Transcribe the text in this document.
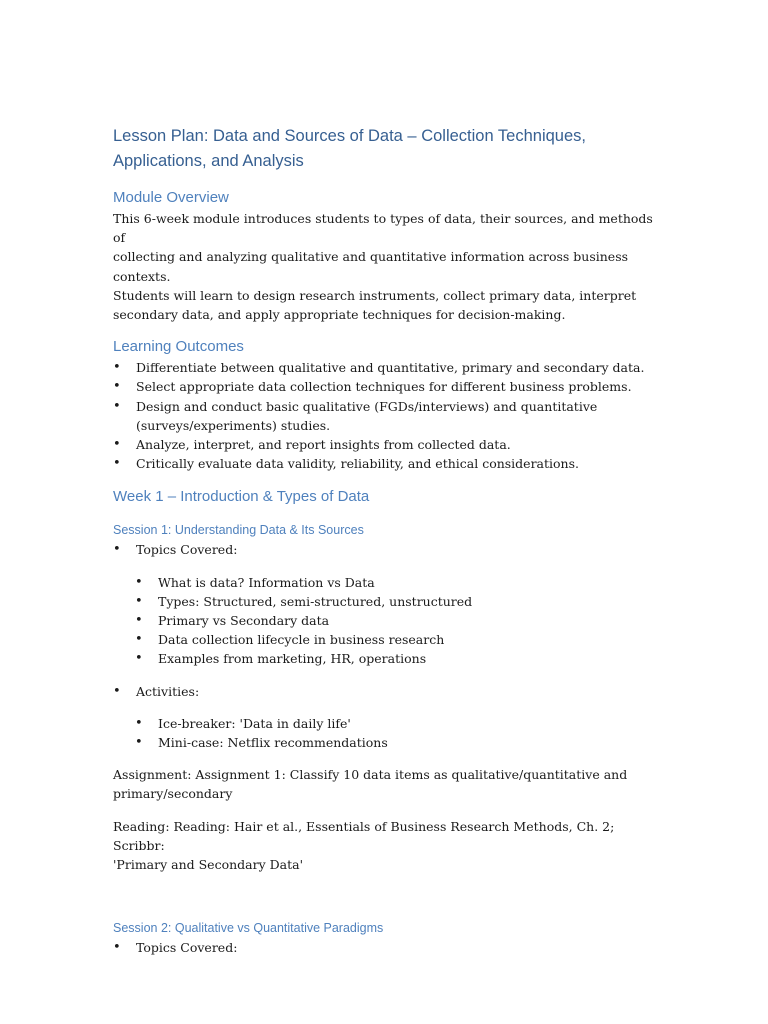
Lesson Plan: Data and Sources of Data – Collection Techniques,
Applications, and Analysis
Module Overview

This 6-week module introduces students to types of data, their sources, and methods of
collecting and analyzing qualitative and quantitative information across business contexts.
Students will learn to design research instruments, collect primary data, interpret
secondary data, and apply appropriate techniques for decision-making.

Learning Outcomes
• Differentiate between qualitative and quantitative, primary and secondary data.
• Select appropriate data collection techniques for different business problems.
• Design and conduct basic qualitative (FGDs/interviews) and quantitative
(surveys/experiments) studies.
• Analyze, interpret, and report insights from collected data.
• Critically evaluate data validity, reliability, and ethical considerations.
Week 1 – Introduction & Types of Data
Session 1: Understanding Data & Its Sources
• Topics Covered:
• What is data? Information vs Data
• Types: Structured, semi-structured, unstructured
• Primary vs Secondary data
• Data collection lifecycle in business research
• Examples from marketing, HR, operations
• Activities:
• Ice-breaker: 'Data in daily life'
• Mini-case: Netflix recommendations

Assignment: Assignment 1: Classify 10 data items as qualitative/quantitative and
primary/secondary

Reading: Reading: Hair et al., Essentials of Business Research Methods, Ch. 2; Scribbr:
'Primary and Secondary Data'

Session 2: Qualitative vs Quantitative Paradigms
• Topics Covered:
